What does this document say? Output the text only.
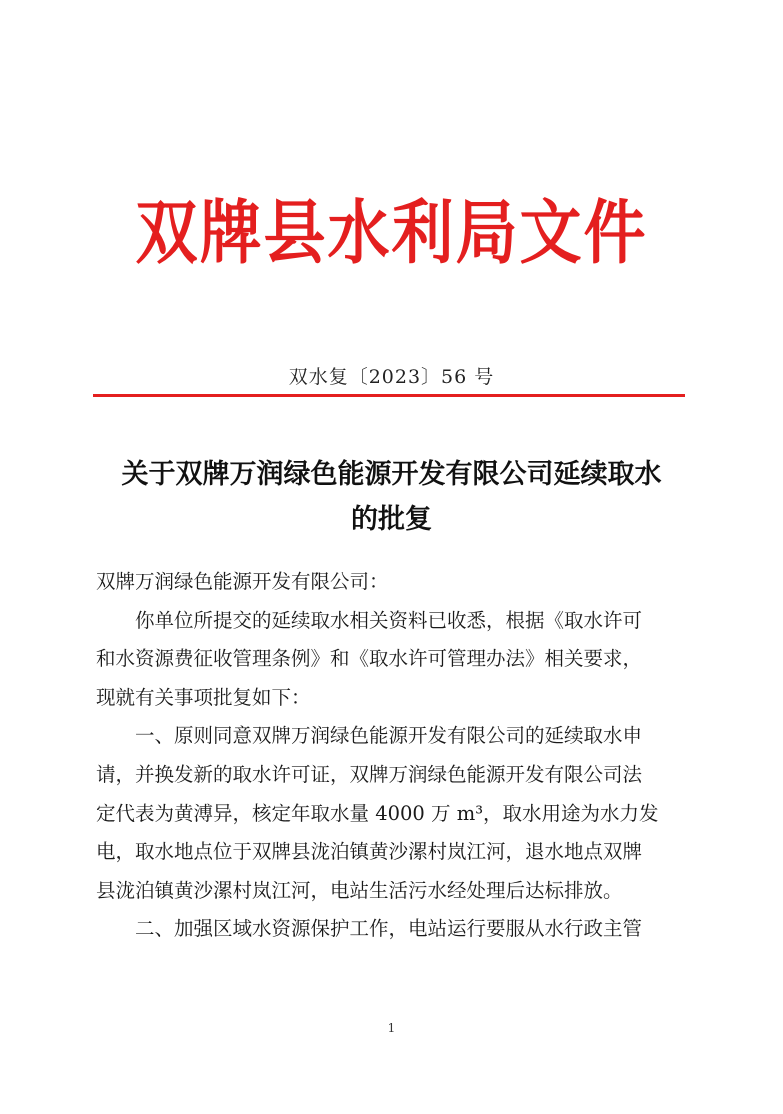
双牌县水利局文件
双水复〔2023〕56 号
关于双牌万润绿色能源开发有限公司延续取水
的批复
双牌万润绿色能源开发有限公司：
你单位所提交的延续取水相关资料已收悉，根据《取水许可
和水资源费征收管理条例》和《取水许可管理办法》相关要求，
现就有关事项批复如下：
一、原则同意双牌万润绿色能源开发有限公司的延续取水申
请，并换发新的取水许可证，双牌万润绿色能源开发有限公司法
定代表为黄溥异，核定年取水量 4000 万 m³，取水用途为水力发
电，取水地点位于双牌县泷泊镇黄沙漯村岚江河，退水地点双牌
县泷泊镇黄沙漯村岚江河，电站生活污水经处理后达标排放。
二、加强区域水资源保护工作，电站运行要服从水行政主管
1
